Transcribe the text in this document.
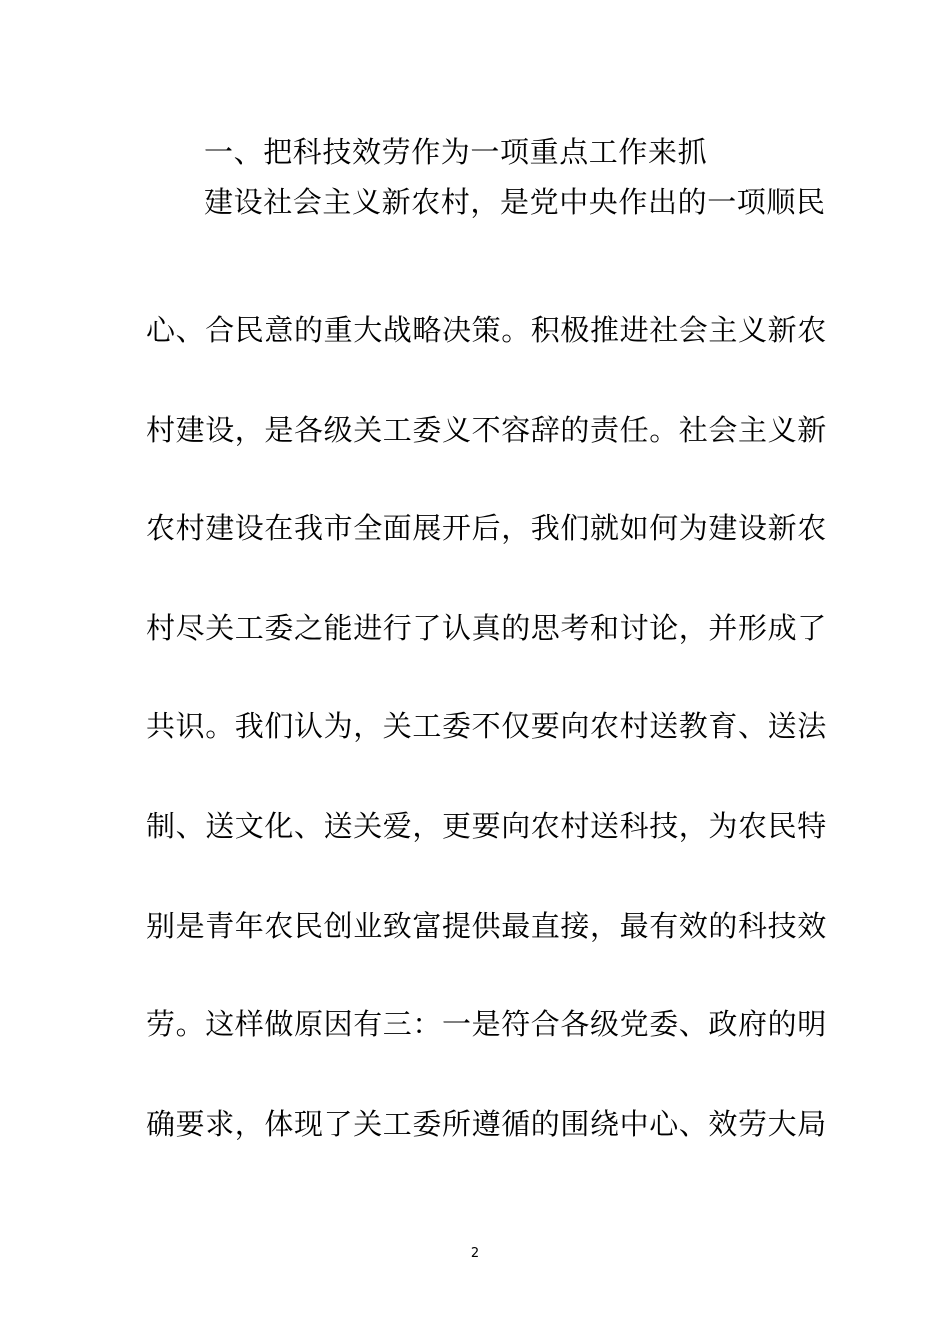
一、把科技效劳作为一项重点工作来抓
建设社会主义新农村，是党中央作出的一项顺民
心、合民意的重大战略决策。积极推进社会主义新农
村建设，是各级关工委义不容辞的责任。社会主义新
农村建设在我市全面展开后，我们就如何为建设新农
村尽关工委之能进行了认真的思考和讨论，并形成了
共识。我们认为，关工委不仅要向农村送教育、送法
制、送文化、送关爱，更要向农村送科技，为农民特
别是青年农民创业致富提供最直接，最有效的科技效
劳。这样做原因有三：一是符合各级党委、政府的明
确要求，体现了关工委所遵循的围绕中心、效劳大局
2
